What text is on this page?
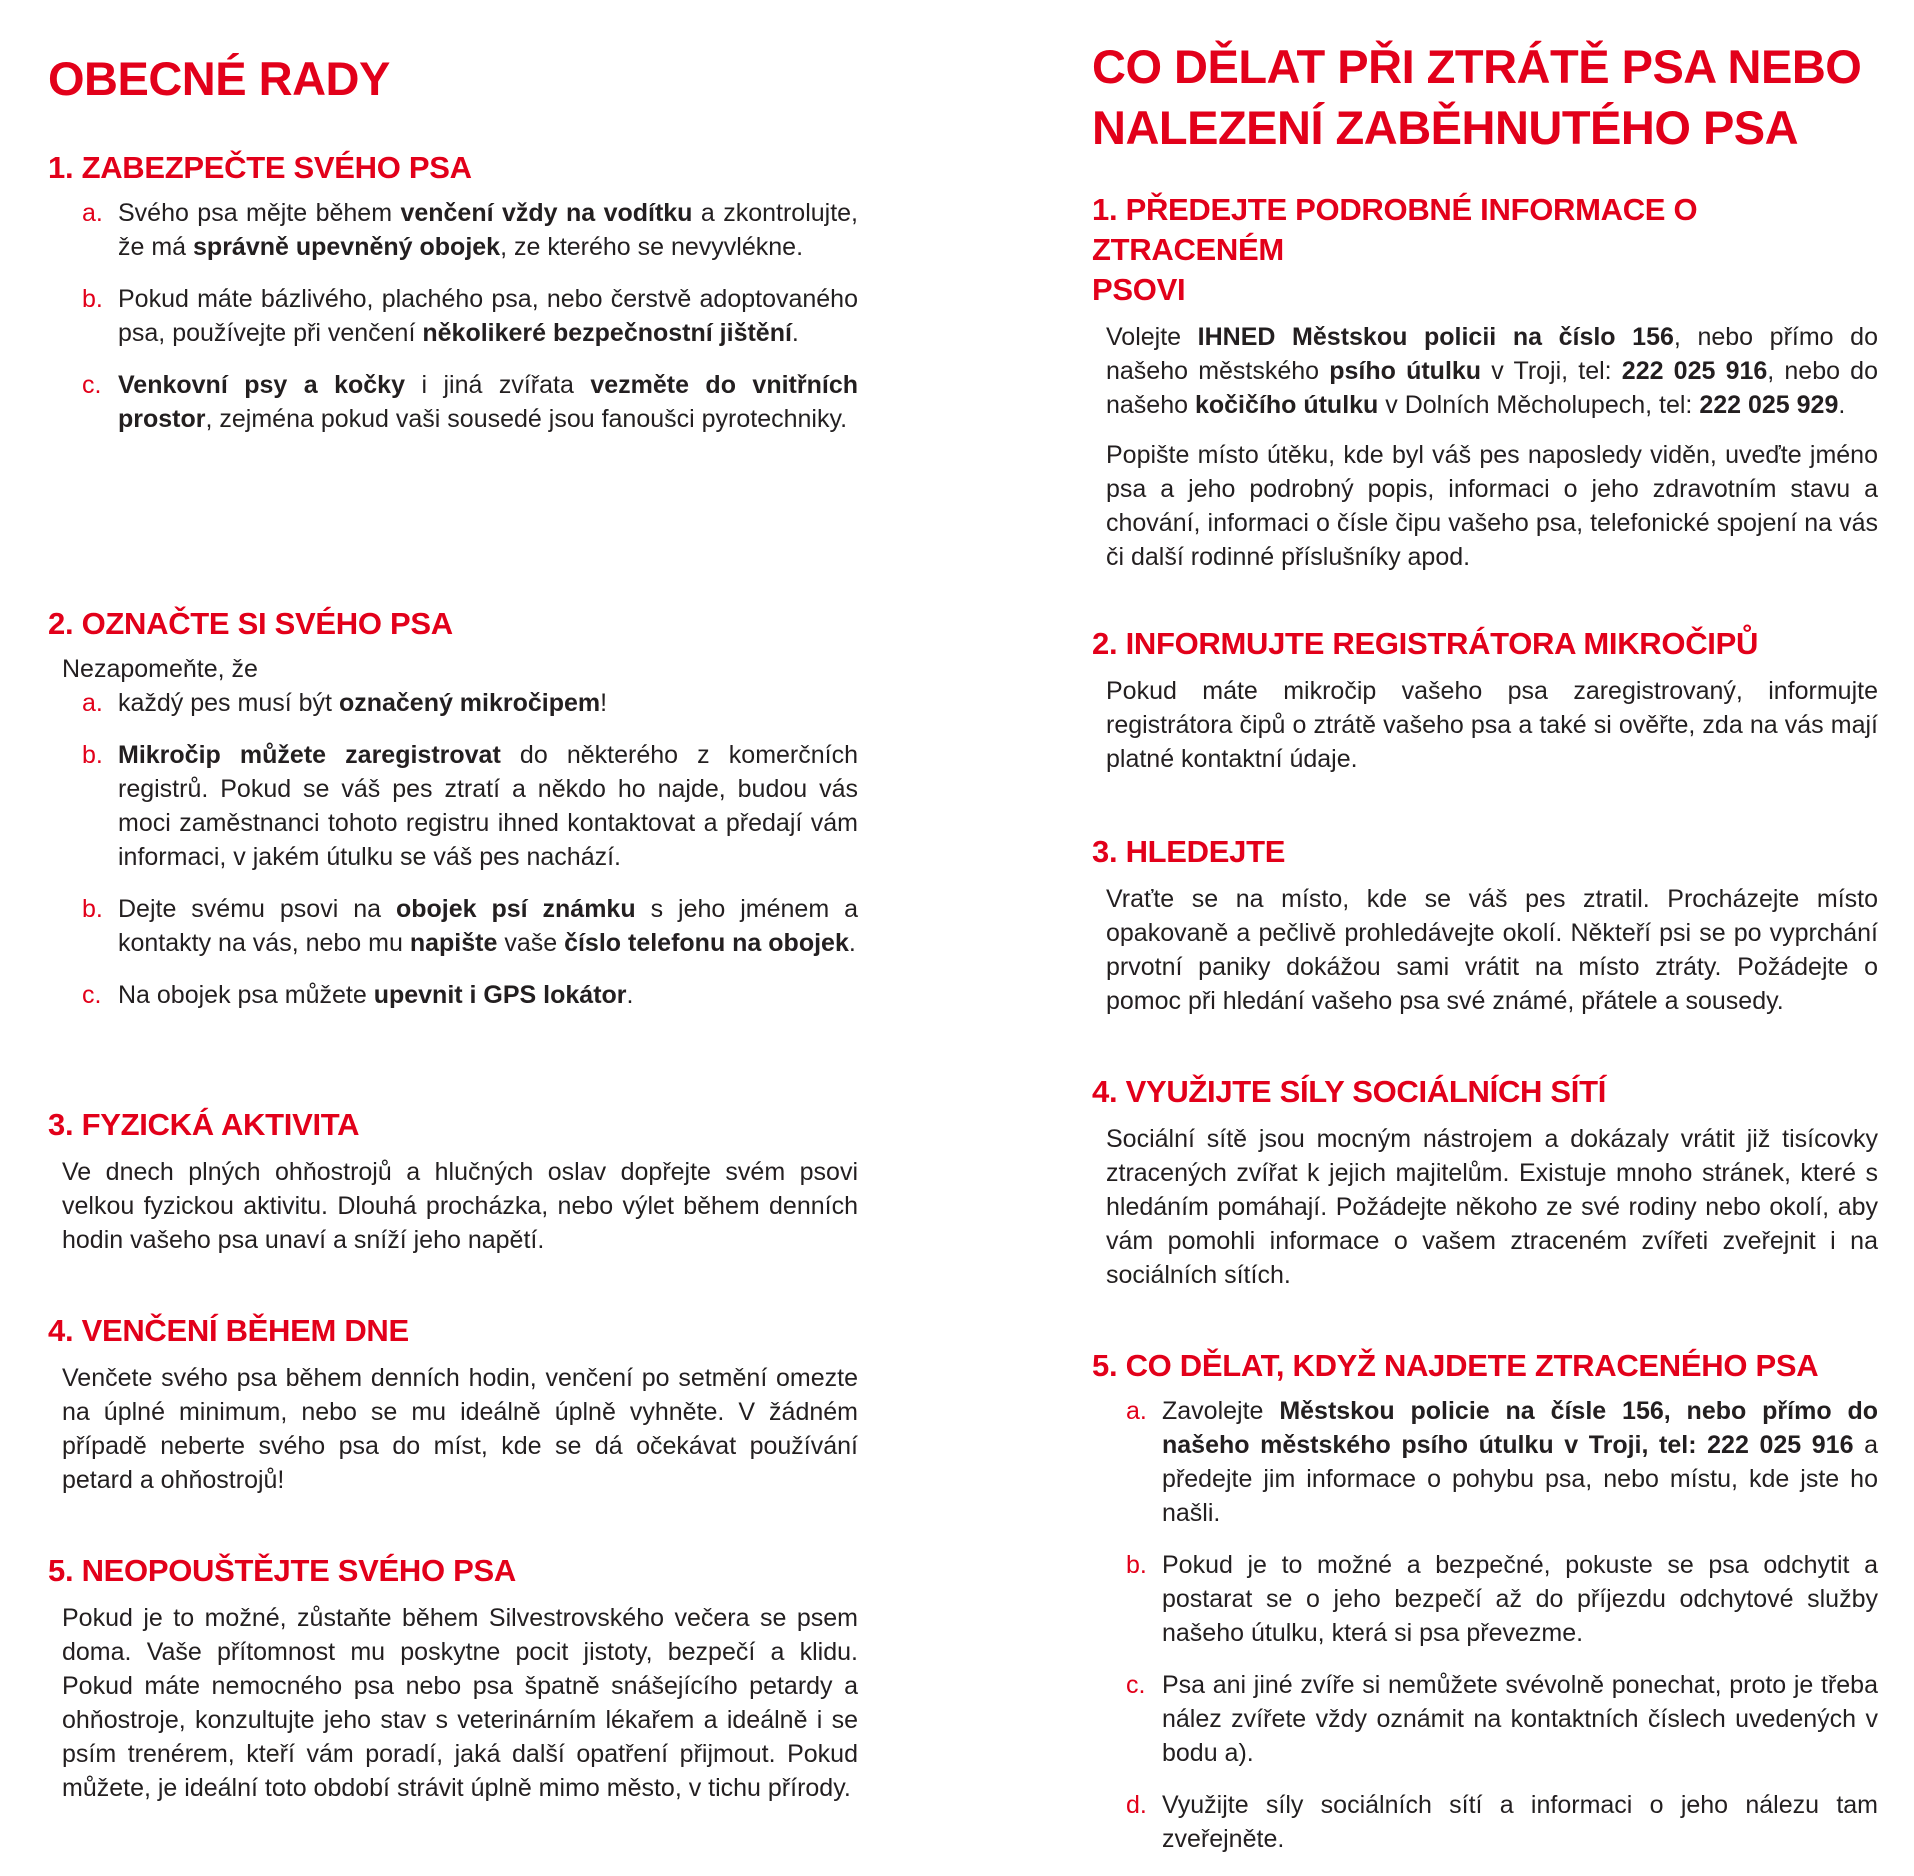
OBECNÉ RADY
1. ZABEZPEČTE SVÉHO PSA
a. Svého psa mějte během venčení vždy na vodítku a zkontrolujte, že má správně upevněný obojek, ze kterého se nevyvlékne.
b. Pokud máte bázlivého, plachého psa, nebo čerstvě adoptovaného psa, používejte při venčení několikeré bezpečnostní jištění.
c. Venkovní psy a kočky i jiná zvířata vezměte do vnitřních prostor, zejména pokud vaši sousedé jsou fanoušci pyrotechniky.
2. OZNAČTE SI SVÉHO PSA

Nezapomeňte, že

a. každý pes musí být označený mikročipem!
b. Mikročip můžete zaregistrovat do některého z komerčních registrů. Pokud se váš pes ztratí a někdo ho najde, budou vás moci zaměstnanci tohoto registru ihned kontaktovat a předají vám informaci, v jakém útulku se váš pes nachází.
b. Dejte svému psovi na obojek psí známku s jeho jménem a kontakty na vás, nebo mu napište vaše číslo telefonu na obojek.
c. Na obojek psa můžete upevnit i GPS lokátor.
3. FYZICKÁ AKTIVITA

Ve dnech plných ohňostrojů a hlučných oslav dopřejte svém psovi velkou fyzickou aktivitu. Dlouhá procházka, nebo výlet během denních hodin vašeho psa unaví a sníží jeho napětí.

4. VENČENÍ BĚHEM DNE

Venčete svého psa během denních hodin, venčení po setmění omezte na úplné minimum, nebo se mu ideálně úplně vyhněte. V žádném případě neberte svého psa do míst, kde se dá očekávat používání petard a ohňostrojů!

5. NEOPOUŠTĚJTE SVÉHO PSA

Pokud je to možné, zůstaňte během Silvestrovského večera se psem doma. Vaše přítomnost mu poskytne pocit jistoty, bezpečí a klidu. Pokud máte nemocného psa nebo psa špatně snášejícího petardy a ohňostroje, konzultujte jeho stav s veterinárním lékařem a ideálně i se psím trenérem, kteří vám poradí, jaká další opatření přijmout. Pokud můžete, je ideální toto období strávit úplně mimo město, v tichu přírody.

CO DĚLAT PŘI ZTRÁTĚ PSA NEBO
NALEZENÍ ZABĚHNUTÉHO PSA
1. PŘEDEJTE PODROBNÉ INFORMACE O ZTRACENÉM
PSOVI

Volejte IHNED Městskou policii na číslo 156, nebo přímo do našeho městského psího útulku v Troji, tel: 222 025 916, nebo do našeho kočičího útulku v Dolních Měcholupech, tel: 222 025 929.

Popište místo útěku, kde byl váš pes naposledy viděn, uveďte jméno psa a jeho podrobný popis, informaci o jeho zdravotním stavu a chování, informaci o čísle čipu vašeho psa, telefonické spojení na vás či další rodinné příslušníky apod.

2. INFORMUJTE REGISTRÁTORA MIKROČIPŮ

Pokud máte mikročip vašeho psa zaregistrovaný, informujte registrátora čipů o ztrátě vašeho psa a také si ověřte, zda na vás mají platné kontaktní údaje.

3. HLEDEJTE

Vraťte se na místo, kde se váš pes ztratil. Procházejte místo opakovaně a pečlivě prohledávejte okolí. Někteří psi se po vyprchání prvotní paniky dokážou sami vrátit na místo ztráty. Požádejte o pomoc při hledání vašeho psa své známé, přátele a sousedy.

4. VYUŽIJTE SÍLY SOCIÁLNÍCH SÍTÍ

Sociální sítě jsou mocným nástrojem a dokázaly vrátit již tisícovky ztracených zvířat k jejich majitelům. Existuje mnoho stránek, které s hledáním pomáhají. Požádejte někoho ze své rodiny nebo okolí, aby vám pomohli informace o vašem ztraceném zvířeti zveřejnit i na sociálních sítích.

5. CO DĚLAT, KDYŽ NAJDETE ZTRACENÉHO PSA
a. Zavolejte Městskou policie na čísle 156, nebo přímo do našeho městského psího útulku v Troji, tel: 222 025 916 a předejte jim informace o pohybu psa, nebo místu, kde jste ho našli.
b. Pokud je to možné a bezpečné, pokuste se psa odchytit a postarat se o jeho bezpečí až do příjezdu odchytové služby našeho útulku, která si psa převezme.
c. Psa ani jiné zvíře si nemůžete svévolně ponechat, proto je třeba nález zvířete vždy oznámit na kontaktních číslech uvedených v bodu a).
d. Využijte síly sociálních sítí a informaci o jeho nálezu tam zveřejněte.
